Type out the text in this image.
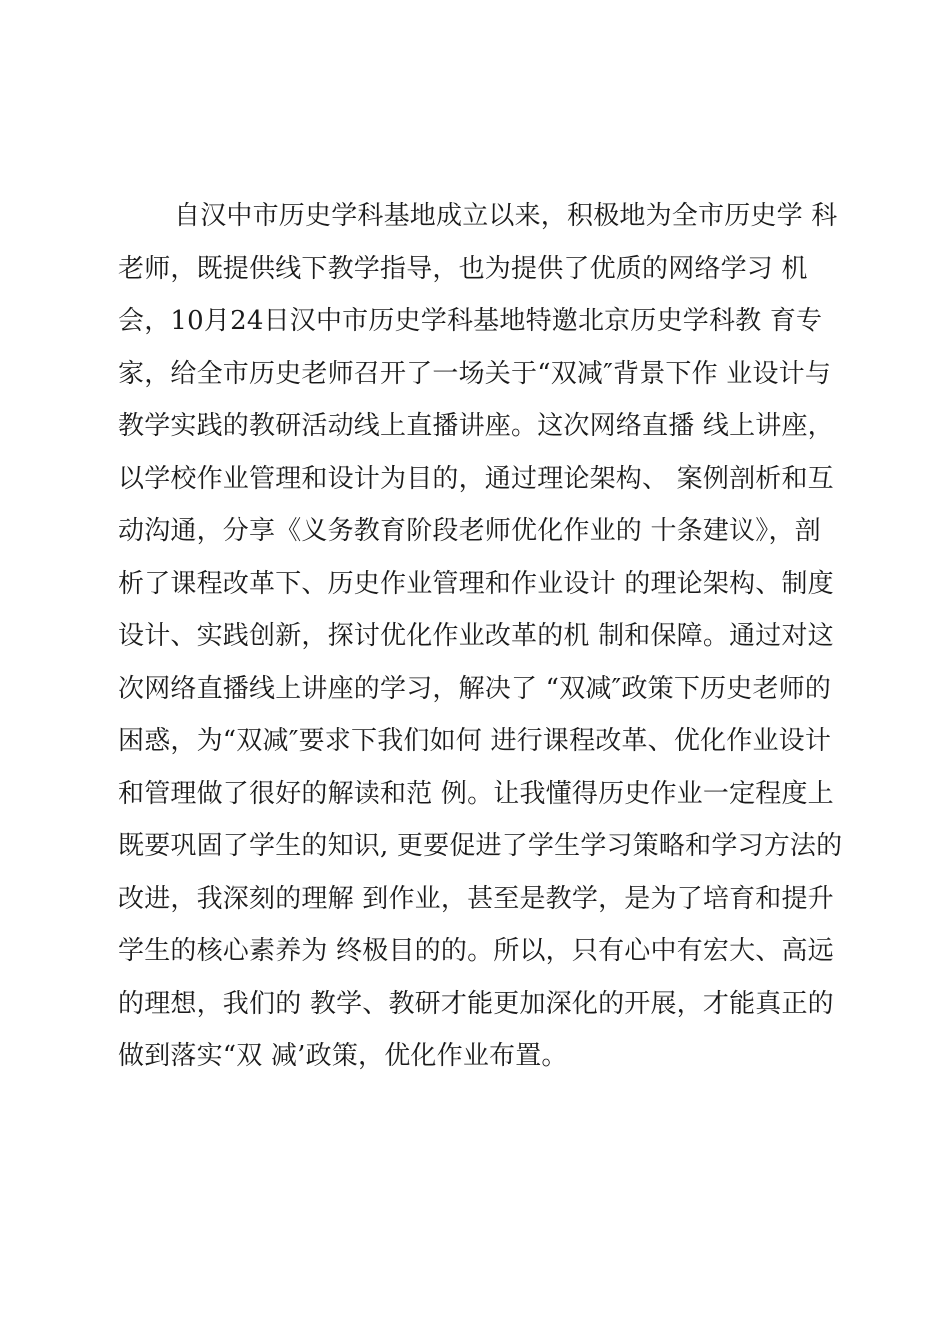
自汉中市历史学科基地成立以来，积极地为全市历史学 科
老师，既提供线下教学指导，也为提供了优质的网络学习 机
会，10月24日汉中市历史学科基地特邀北京历史学科教 育专
家，给全市历史老师召开了一场关于“双减″背景下作 业设计与
教学实践的教研活动线上直播讲座。这次网络直播 线上讲座，
以学校作业管理和设计为目的，通过理论架构、 案例剖析和互
动沟通，分享《义务教育阶段老师优化作业的 十条建议》，剖
析了课程改革下、历史作业管理和作业设计 的理论架构、制度
设计、实践创新，探讨优化作业改革的机 制和保障。通过对这
次网络直播线上讲座的学习，解决了 “双减″政策下历史老师的
困惑，为“双减″要求下我们如何 进行课程改革、优化作业设计
和管理做了很好的解读和范 例。让我懂得历史作业一定程度上
既要巩固了学生的知识, 更要促进了学生学习策略和学习方法的
改进，我深刻的理解 到作业，甚至是教学，是为了培育和提升
学生的核心素养为 终极目的的。所以，只有心中有宏大、高远
的理想，我们的 教学、教研才能更加深化的开展，才能真正的
做到落实“双 减’政策，优化作业布置。
